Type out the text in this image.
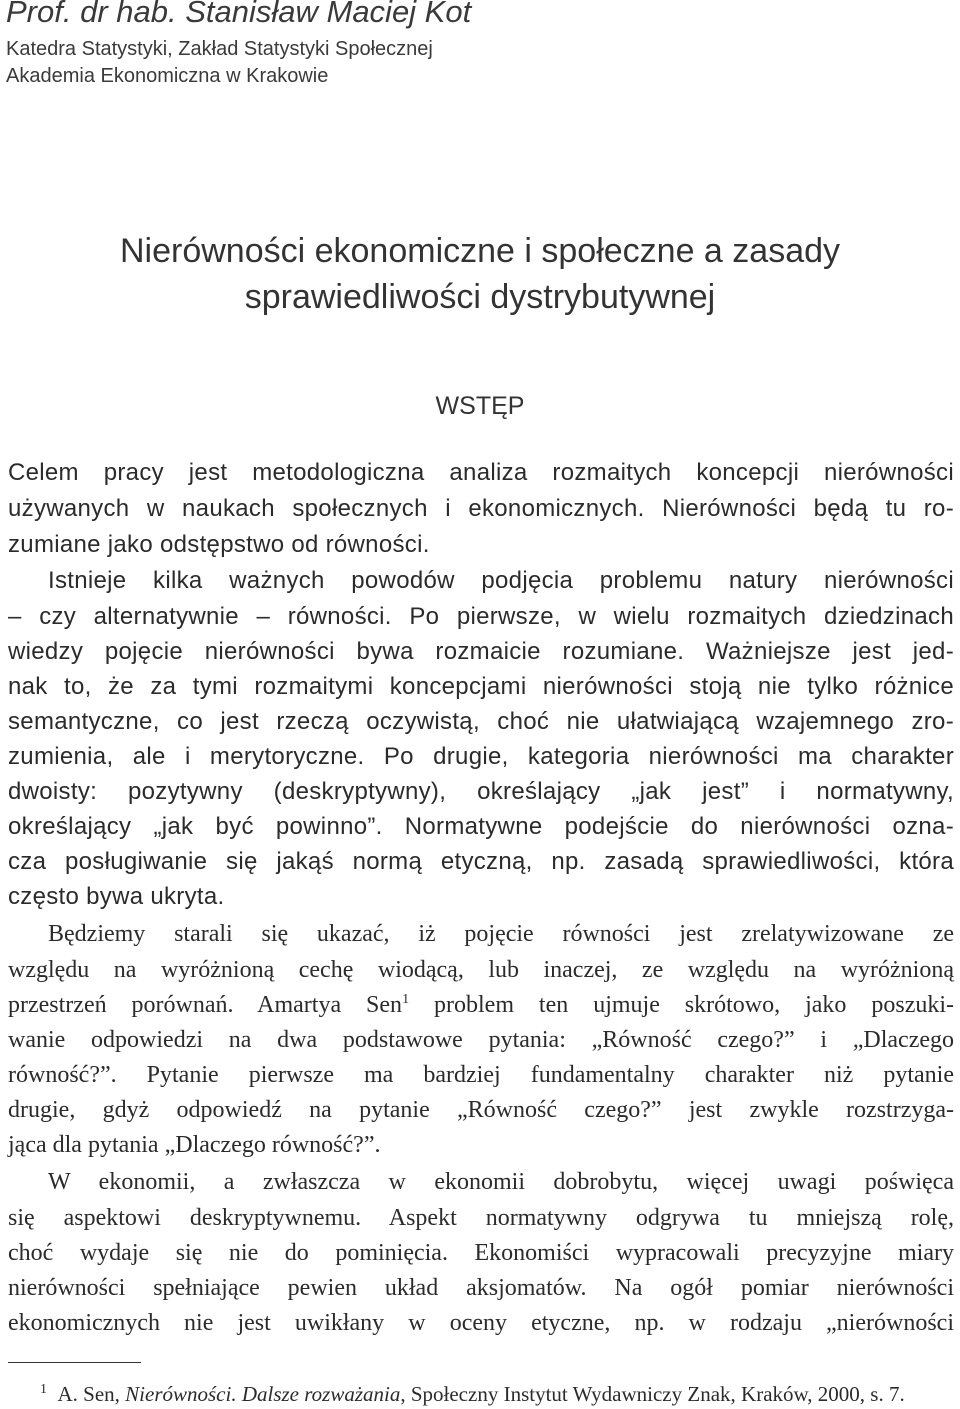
Prof. dr hab. Stanisław Maciej Kot
Katedra Statystyki, Zakład Statystyki Społecznej
Akademia Ekonomiczna w Krakowie
Nierówności ekonomiczne i społeczne a zasady
sprawiedliwości dystrybutywnej
WSTĘP
Celem pracy jest metodologiczna analiza rozmaitych koncepcji nierówności
używanych w naukach społecznych i ekonomicznych. Nierówności będą tu ro-
zumiane jako odstępstwo od równości.
Istnieje kilka ważnych powodów podjęcia problemu natury nierówności
– czy alternatywnie – równości. Po pierwsze, w wielu rozmaitych dziedzinach
wiedzy pojęcie nierówności bywa rozmaicie rozumiane. Ważniejsze jest jed-
nak to, że za tymi rozmaitymi koncepcjami nierówności stoją nie tylko różnice
semantyczne, co jest rzeczą oczywistą, choć nie ułatwiającą wzajemnego zro-
zumienia, ale i merytoryczne. Po drugie, kategoria nierówności ma charakter
dwoisty: pozytywny (deskryptywny), określający „jak jest” i normatywny,
określający „jak być powinno”. Normatywne podejście do nierówności ozna-
cza posługiwanie się jakąś normą etyczną, np. zasadą sprawiedliwości, która
często bywa ukryta.
Będziemy starali się ukazać, iż pojęcie równości jest zrelatywizowane ze
względu na wyróżnioną cechę wiodącą, lub inaczej, ze względu na wyróżnioną
przestrzeń porównań. Amartya Sen$^1$ problem ten ujmuje skrótowo, jako poszuki-
wanie odpowiedzi na dwa podstawowe pytania: „Równość czego?” i „Dlaczego
równość?”. Pytanie pierwsze ma bardziej fundamentalny charakter niż pytanie
drugie, gdyż odpowiedź na pytanie „Równość czego?” jest zwykle rozstrzyga-
jąca dla pytania „Dlaczego równość?”.
W ekonomii, a zwłaszcza w ekonomii dobrobytu, więcej uwagi poświęca
się aspektowi deskryptywnemu. Aspekt normatywny odgrywa tu mniejszą rolę,
choć wydaje się nie do pominięcia. Ekonomiści wypracowali precyzyjne miary
nierówności spełniające pewien układ aksjomatów. Na ogół pomiar nierówności
ekonomicznych nie jest uwikłany w oceny etyczne, np. w rodzaju „nierówności
$^1$ A. Sen, Nierówności. Dalsze rozważania, Społeczny Instytut Wydawniczy Znak, Kraków, 2000, s. 7.
